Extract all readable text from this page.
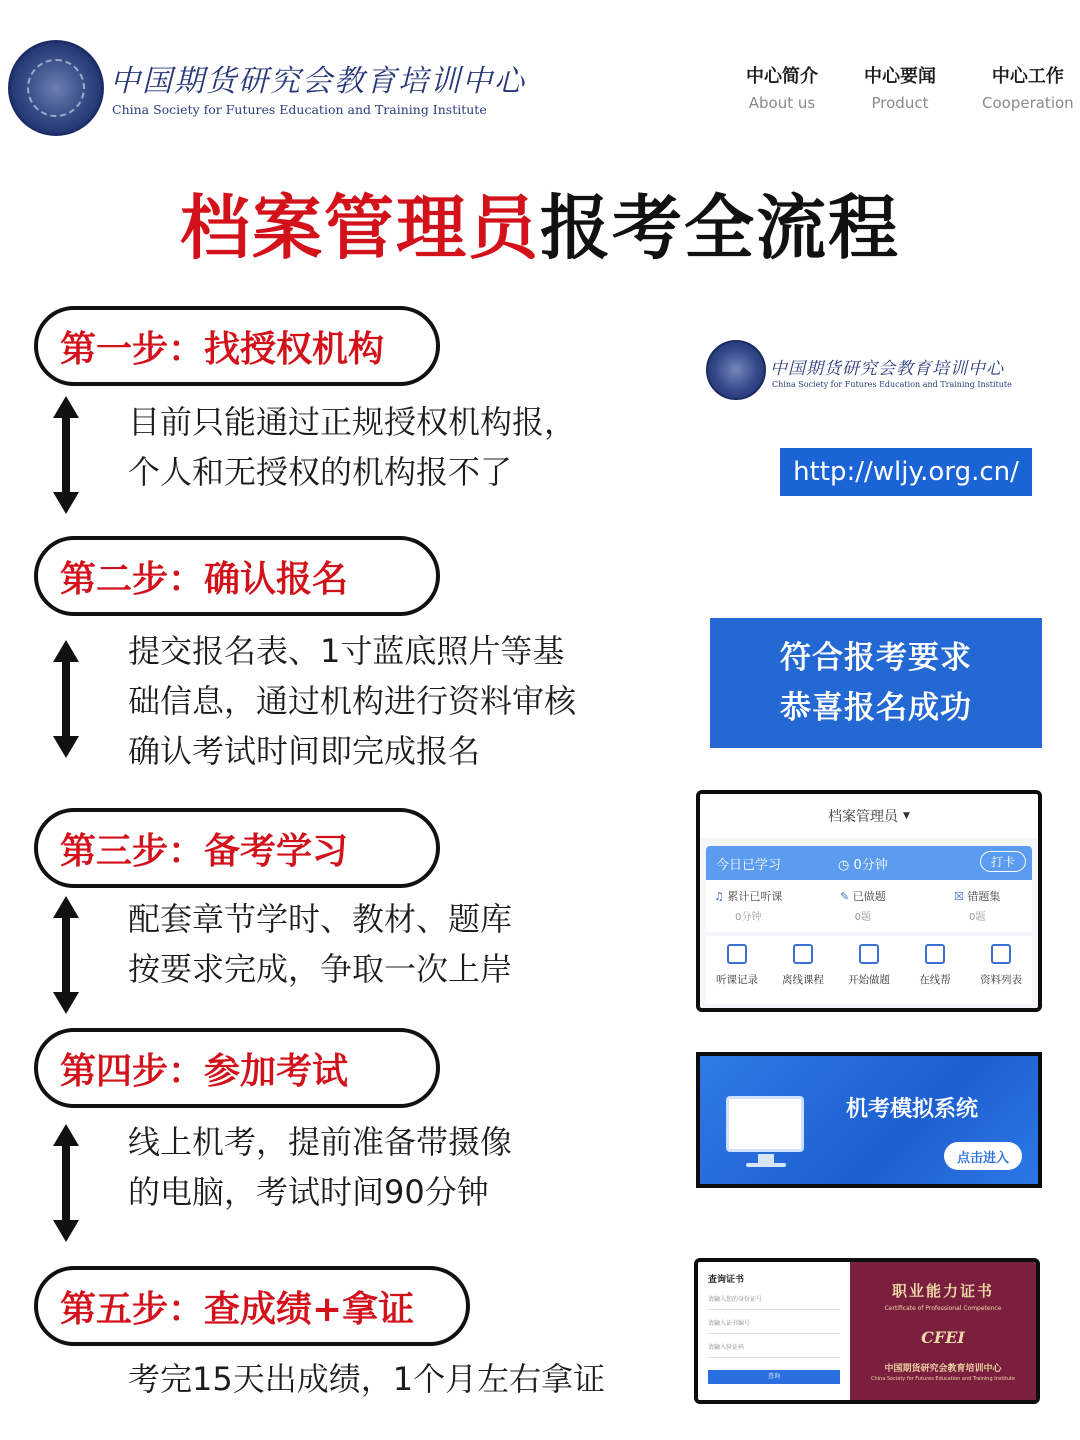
中国期货研究会教育培训中心
China Society for Futures Education and Training Institute
中心简介
About us
中心要闻
Product
中心工作
Cooperation
档案管理员报考全流程
第一步：找授权机构
目前只能通过正规授权机构报，
个人和无授权的机构报不了
第二步：确认报名
提交报名表、1寸蓝底照片等基
础信息，通过机构进行资料审核
确认考试时间即完成报名
第三步：备考学习
配套章节学时、教材、题库
按要求完成，争取一次上岸
第四步：参加考试
线上机考，提前准备带摄像
的电脑，考试时间90分钟
第五步：查成绩+拿证
考完15天出成绩，1个月左右拿证
中国期货研究会教育培训中心
China Society for Futures Education and Training Institute
http://wljy.org.cn/
符合报考要求
恭喜报名成功
档案管理员 ▼
今日已学习	◷ 0分钟	打卡
♫ 累计已听课
0分钟
✎ 已做题
0题
☒ 错题集
0题
听课记录	离线课程	开始做题	在线帮	资料列表
机考模拟系统
点击进入
查询证书
请输入您的身份证号
请输入证书编号
请输入验证码
查询
职业能力证书
Certificate of Professional Competence
CFEI
中国期货研究会教育培训中心
China Society for Futures Education and Training Institute
